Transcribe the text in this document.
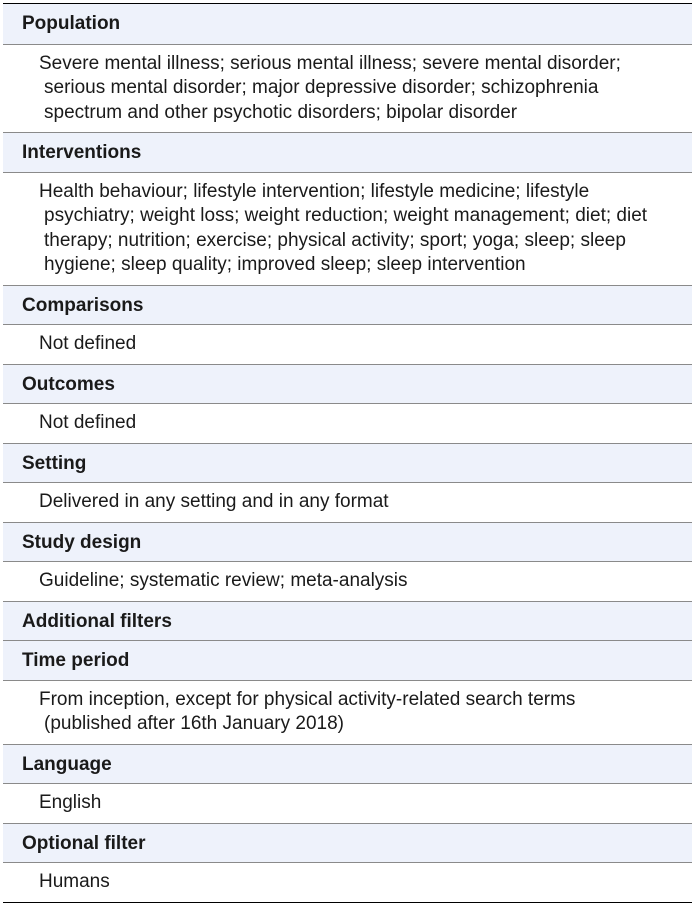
Population
Severe mental illness; serious mental illness; severe mental disorder;
serious mental disorder; major depressive disorder; schizophrenia
spectrum and other psychotic disorders; bipolar disorder
Interventions
Health behaviour; lifestyle intervention; lifestyle medicine; lifestyle
psychiatry; weight loss; weight reduction; weight management; diet; diet
therapy; nutrition; exercise; physical activity; sport; yoga; sleep; sleep
hygiene; sleep quality; improved sleep; sleep intervention
Comparisons
Not defined
Outcomes
Not defined
Setting
Delivered in any setting and in any format
Study design
Guideline; systematic review; meta-analysis
Additional filters
Time period
From inception, except for physical activity-related search terms
(published after 16th January 2018)
Language
English
Optional filter
Humans
